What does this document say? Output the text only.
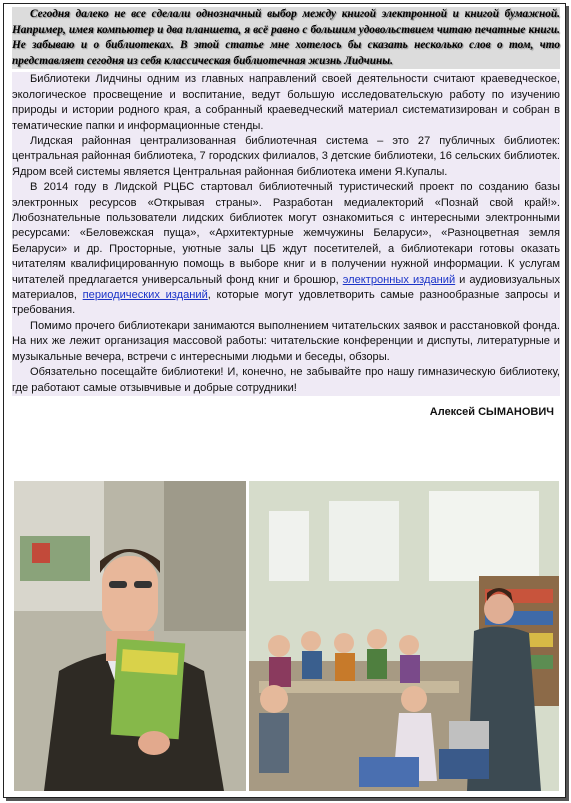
Сегодня далеко не все сделали однозначный выбор между книгой электронной и книгой бумажной. Например, имея компьютер и два планшета, я всё равно с большим удовольствием читаю печатные книги. Не забываю и о библиотеках. В этой статье мне хотелось бы сказать несколько слов о том, что представляет сегодня из себя классическая библиотечная жизнь Лидчины.

Библиотеки Лидчины одним из главных направлений своей деятельности считают краеведческое, экологическое просвещение и воспитание, ведут большую исследовательскую работу по изучению природы и истории родного края, а собранный краеведческий материал систематизирован и собран в тематические папки и информационные стенды.

Лидская районная централизованная библиотечная система – это 27 публичных библиотек: центральная районная библиотека, 7 городских филиалов, 3 детские библиотеки, 16 сельских библиотек. Ядром всей системы является Центральная районная библиотека имени Я.Купалы.

В 2014 году в Лидской РЦБС стартовал библиотечный туристический проект по созданию базы электронных ресурсов «Открывая страны». Разработан медиалекторий «Познай свой край!». Любознательные пользователи лидских библиотек могут ознакомиться с интересными электронными ресурсами: «Беловежская пуща», «Архитектурные жемчужины Беларуси», «Разноцветная земля Беларуси» и др. Просторные, уютные залы ЦБ ждут посетителей, а библиотекари готовы оказать читателям квалифицированную помощь в выборе книг и в получении нужной информации. К услугам читателей предлагается универсальный фонд книг и брошюр, электронных изданий и аудиовизуальных материалов, периодических изданий, которые могут удовлетворить самые разнообразные запросы и требования.

Помимо прочего библиотекари занимаются выполнением читательских заявок и расстановкой фонда. На них же лежит организация массовой работы: читательские конференции и диспуты, литературные и музыкальные вечера, встречи с интересными людьми и беседы, обзоры.

Обязательно посещайте библиотеки! И, конечно, не забывайте про нашу гимназическую библиотеку, где работают самые отзывчивые и добрые сотрудники!

Алексей СЫМАНОВИЧ
